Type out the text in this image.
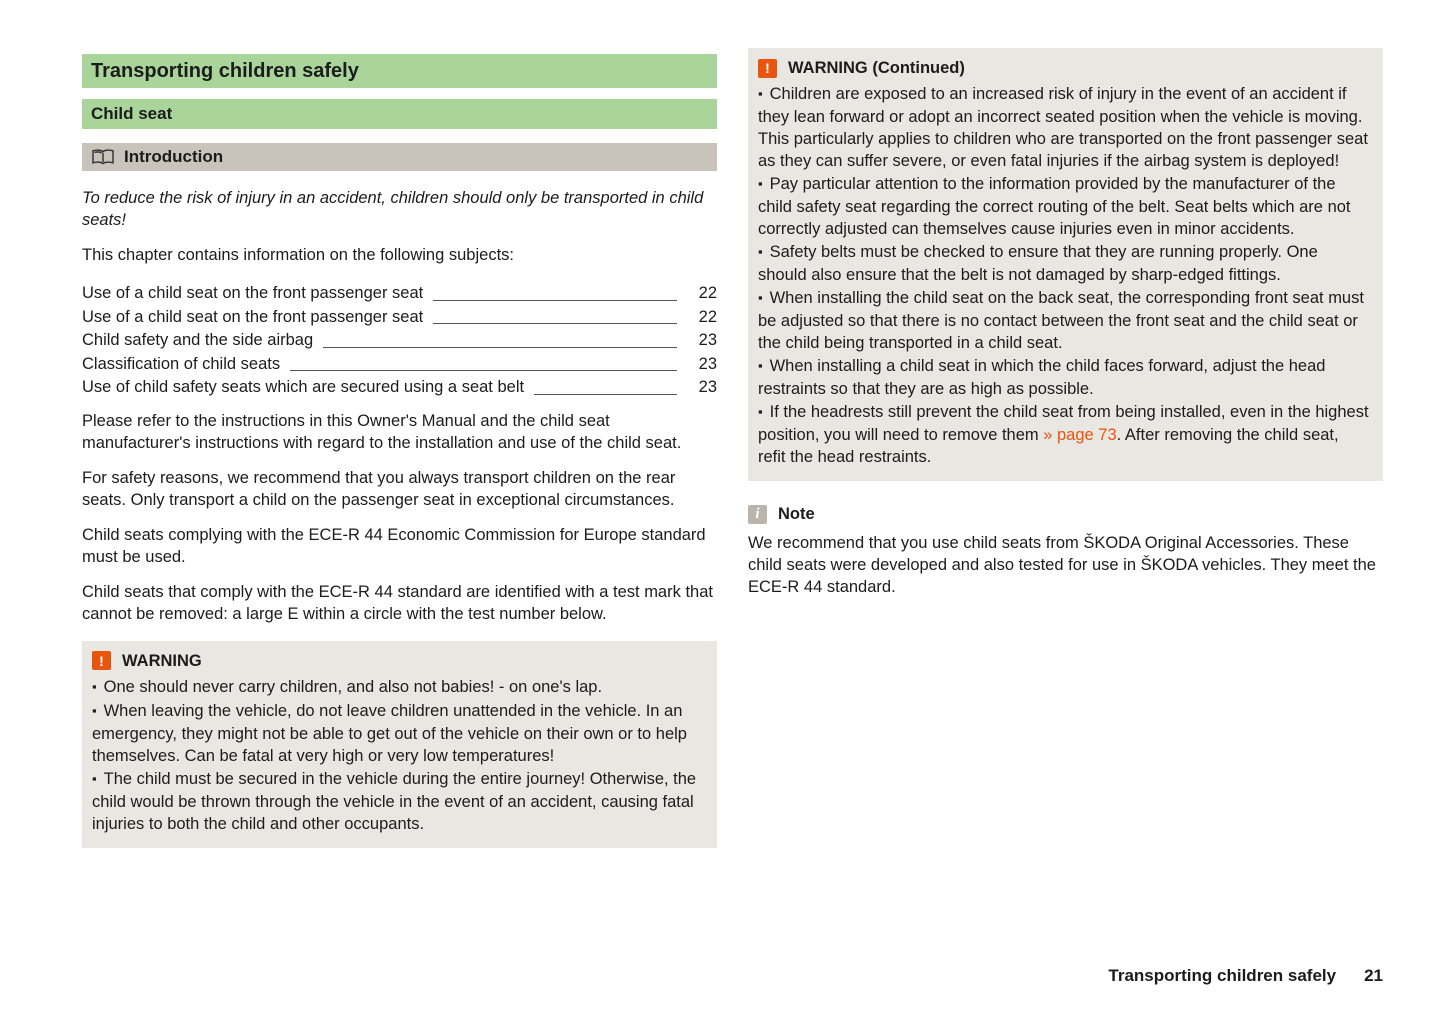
Transporting children safely
Child seat
Introduction

To reduce the risk of injury in an accident, children should only be transported in child seats!

This chapter contains information on the following subjects:

Use of a child seat on the front passenger seat	22
Use of a child seat on the front passenger seat	22
Child safety and the side airbag	23
Classification of child seats	23
Use of child safety seats which are secured using a seat belt	23

Please refer to the instructions in this Owner's Manual and the child seat manufacturer's instructions with regard to the installation and use of the child seat.

For safety reasons, we recommend that you always transport children on the rear seats. Only transport a child on the passenger seat in exceptional circumstances.

Child seats complying with the ECE-R 44 Economic Commission for Europe standard must be used.

Child seats that comply with the ECE-R 44 standard are identified with a test mark that cannot be removed: a large E within a circle with the test number below.

!	WARNING
▪ One should never carry children, and also not babies! - on one's lap.
▪ When leaving the vehicle, do not leave children unattended in the vehicle. In an emergency, they might not be able to get out of the vehicle on their own or to help themselves. Can be fatal at very high or very low temperatures!
▪ The child must be secured in the vehicle during the entire journey! Otherwise, the child would be thrown through the vehicle in the event of an accident, causing fatal injuries to both the child and other occupants.
!	WARNING (Continued)
▪ Children are exposed to an increased risk of injury in the event of an accident if they lean forward or adopt an incorrect seated position when the vehicle is moving. This particularly applies to children who are transported on the front passenger seat as they can suffer severe, or even fatal injuries if the airbag system is deployed!
▪ Pay particular attention to the information provided by the manufacturer of the child safety seat regarding the correct routing of the belt. Seat belts which are not correctly adjusted can themselves cause injuries even in minor accidents.
▪ Safety belts must be checked to ensure that they are running properly. One should also ensure that the belt is not damaged by sharp-edged fittings.
▪ When installing the child seat on the back seat, the corresponding front seat must be adjusted so that there is no contact between the front seat and the child seat or the child being transported in a child seat.
▪ When installing a child seat in which the child faces forward, adjust the head restraints so that they are as high as possible.
▪ If the headrests still prevent the child seat from being installed, even in the highest position, you will need to remove them » page 73. After removing the child seat, refit the head restraints.
i	Note
We recommend that you use child seats from ŠKODA Original Accessories. These child seats were developed and also tested for use in ŠKODA vehicles. They meet the ECE-R 44 standard.
Transporting children safely 21
